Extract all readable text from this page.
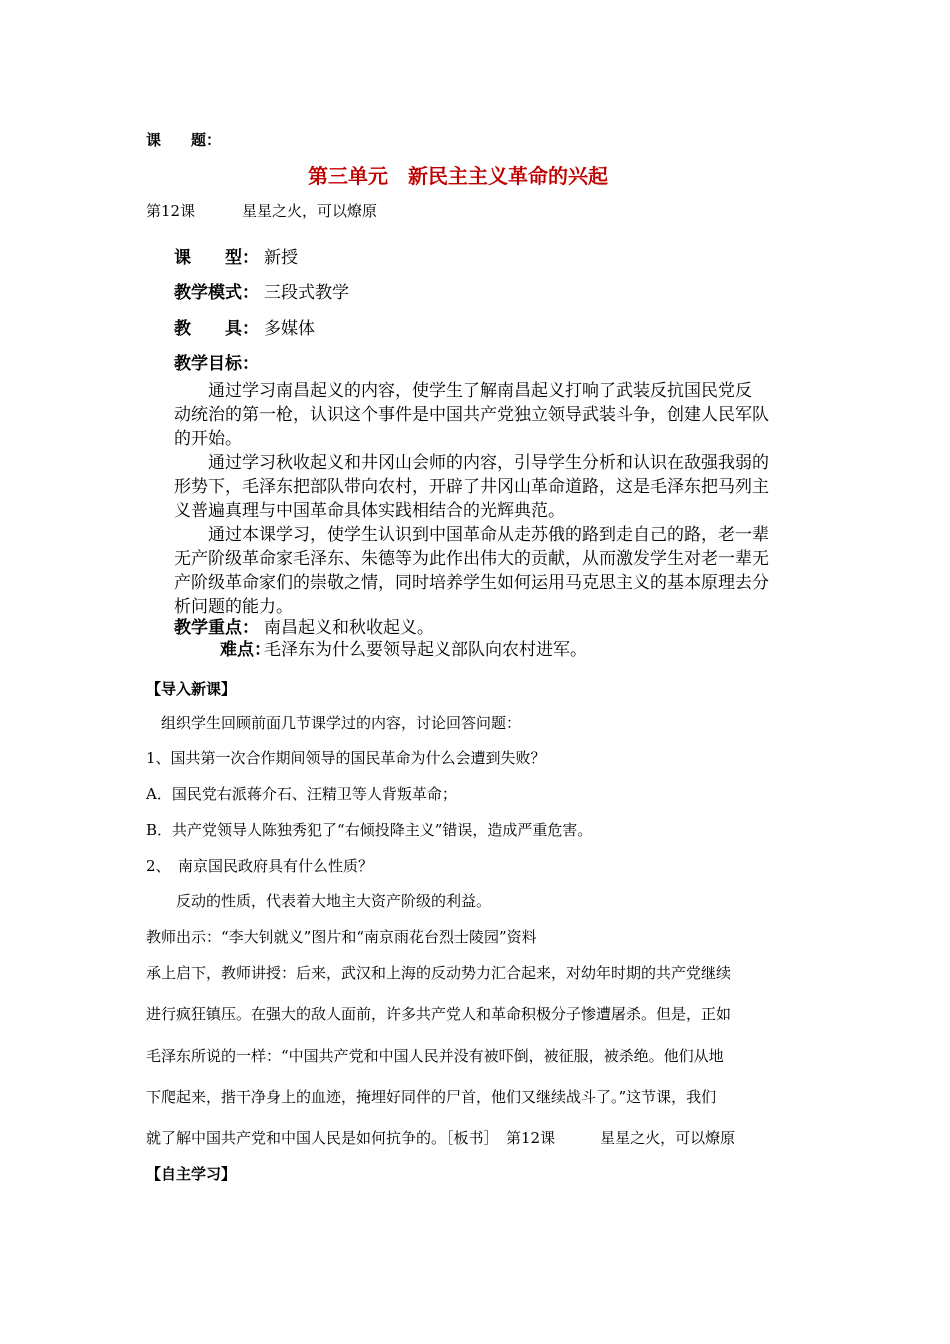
课　　题：
第三单元　新民主主义革命的兴起
第12课	星星之火，可以燎原
课　　型： 新授
教学模式： 三段式教学
教　　具： 多媒体
教学目标：
　　通过学习南昌起义的内容，使学生了解南昌起义打响了武装反抗国民党反
动统治的第一枪，认识这个事件是中国共产党独立领导武装斗争，创建人民军队
的开始。
　　通过学习秋收起义和井冈山会师的内容，引导学生分析和认识在敌强我弱的
形势下，毛泽东把部队带向农村，开辟了井冈山革命道路，这是毛泽东把马列主
义普遍真理与中国革命具体实践相结合的光辉典范。
　　通过本课学习，使学生认识到中国革命从走苏俄的路到走自己的路，老一辈
无产阶级革命家毛泽东、朱德等为此作出伟大的贡献，从而激发学生对老一辈无
产阶级革命家们的崇敬之情，同时培养学生如何运用马克思主义的基本原理去分
析问题的能力。
教学重点： 南昌起义和秋收起义。
难点：
毛泽东为什么要领导起义部队向农村进军。
【导入新课】
　组织学生回顾前面几节课学过的内容，讨论回答问题：
1、国共第一次合作期间领导的国民革命为什么会遭到失败？
A．国民党右派蒋介石、汪精卫等人背叛革命；
B．共产党领导人陈独秀犯了“右倾投降主义”错误，造成严重危害。
2、　南京国民政府具有什么性质？
　　反动的性质，代表着大地主大资产阶级的利益。
教师出示：“李大钊就义”图片和“南京雨花台烈士陵园”资料
承上启下，教师讲授：后来，武汉和上海的反动势力汇合起来，对幼年时期的共产党继续
进行疯狂镇压。在强大的敌人面前，许多共产党人和革命积极分子惨遭屠杀。但是，正如
毛泽东所说的一样：“中国共产党和中国人民并没有被吓倒，被征服，被杀绝。他们从地
下爬起来，揩干净身上的血迹，掩埋好同伴的尸首，他们又继续战斗了。”这节课，我们
就了解中国共产党和中国人民是如何抗争的。［板书］　第12课　　　星星之火，可以燎原
【自主学习】
